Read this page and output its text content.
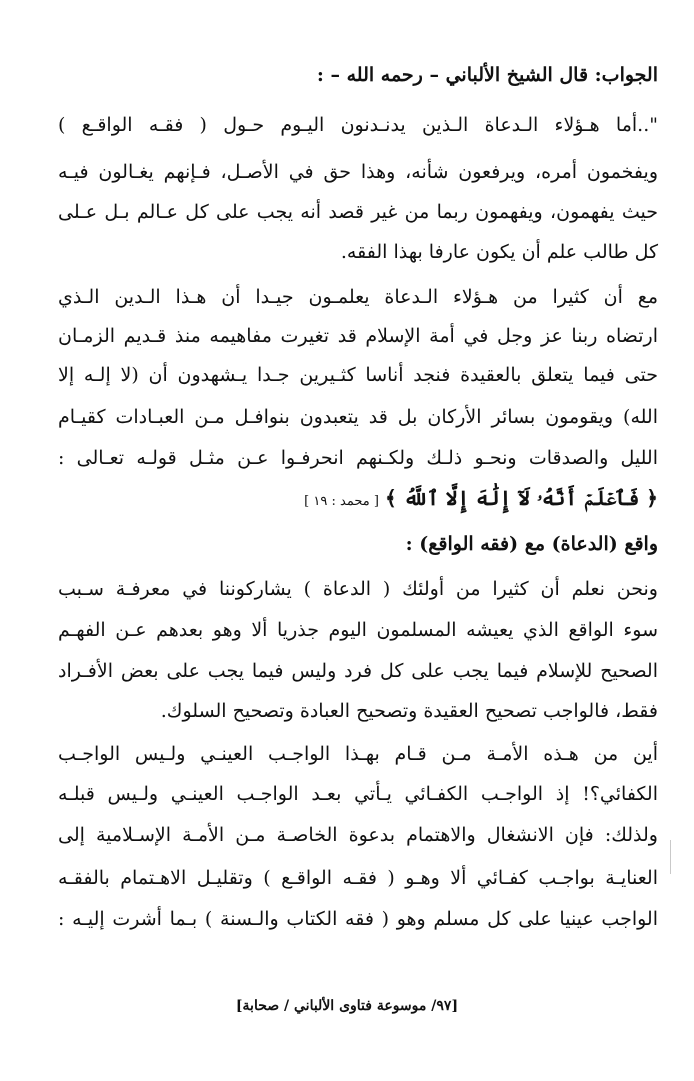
الجواب: قال الشيخ الألباني – رحمه الله – :
"..أما هـؤلاء الـدعاة الـذين يدنـدنون اليـوم حـول ( فقـه الواقـع )
ويفخمون أمره، ويرفعون شأنه، وهذا حق في الأصـل، فـإنهم يغـالون فيـه
حيث يفهمون، ويفهمون ربما من غير قصد أنه يجب على كل عـالم بـل عـلى
كل طالب علم أن يكون عارفا بهذا الفقه.
مع أن كثيرا من هـؤلاء الـدعاة يعلمـون جيـدا أن هـذا الـدين الـذي
ارتضاه ربنا عز وجل في أمة الإسلام قد تغيرت مفاهيمه منذ قـديم الزمـان
حتى فيما يتعلق بالعقيدة فنجد أناسا كثـيرين جـدا يـشهدون أن (لا إلـه إلا
الله) ويقومون بسائر الأركان بل قد يتعبدون بنوافـل مـن العبـادات كقيـام
الليل والصدقات ونحـو ذلـك ولكـنهم انحرفـوا عـن مثـل قولـه تعـالى :
﴿ فَٱعۡلَمۡ أَنَّهُۥ لَآ إِلَٰهَ إِلَّا ٱللَّهُ ﴾ [ محمد : ١٩ ]
واقع (الدعاة) مع (فقه الواقع) :
ونحن نعلم أن كثيرا من أولئك ( الدعاة ) يشاركوننا في معرفـة سـبب
سوء الواقع الذي يعيشه المسلمون اليوم جذريا ألا وهو بعدهم عـن الفهـم
الصحيح للإسلام فيما يجب على كل فرد وليس فيما يجب على بعض الأفـراد
فقط، فالواجب تصحيح العقيدة وتصحيح العبادة وتصحيح السلوك.
أين من هـذه الأمـة مـن قـام بهـذا الواجـب العينـي ولـيس الواجـب
الكفائي؟! إذ الواجـب الكفـائي يـأتي بعـد الواجـب العينـي ولـيس قبلـه
ولذلك: فإن الانشغال والاهتمام بدعوة الخاصـة مـن الأمـة الإسـلامية إلى
العنايـة بواجـب كفـائي ألا وهـو ( فقـه الواقـع ) وتقليـل الاهـتمام بالفقـه
الواجب عينيا على كل مسلم وهو ( فقه الكتاب والـسنة ) بـما أشرت إليـه :
[٩٧/ موسوعة فتاوى الألباني / صحابة]
